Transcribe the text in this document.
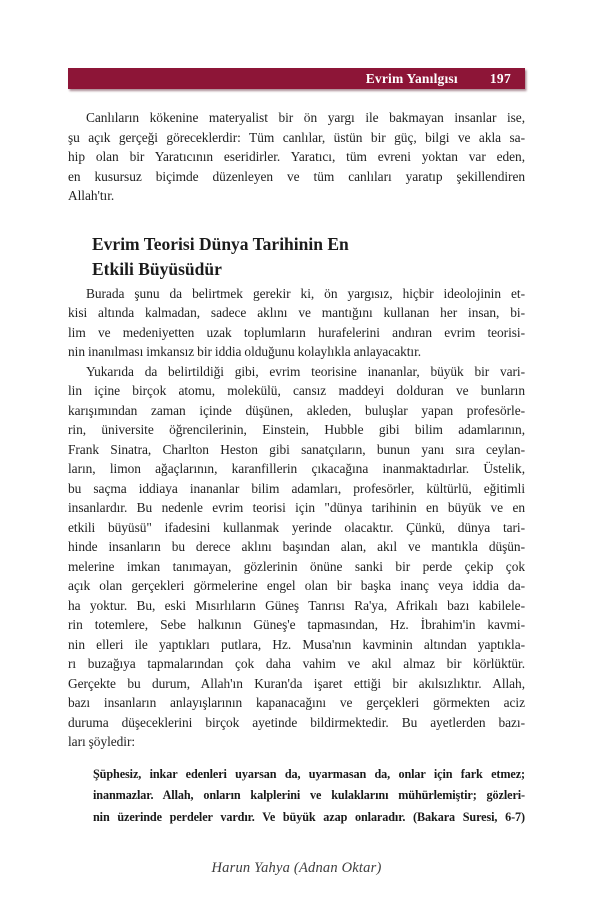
Evrim Yanılgısı 197
Canlıların kökenine materyalist bir ön yargı ile bakmayan insanlar ise,
şu açık gerçeği göreceklerdir: Tüm canlılar, üstün bir güç, bilgi ve akla sa-
hip olan bir Yaratıcının eseridirler. Yaratıcı, tüm evreni yoktan var eden,
en kusursuz biçimde düzenleyen ve tüm canlıları yaratıp şekillendiren
Allah'tır.
Evrim Teorisi Dünya Tarihinin En
Etkili Büyüsüdür
Burada şunu da belirtmek gerekir ki, ön yargısız, hiçbir ideolojinin et-
kisi altında kalmadan, sadece aklını ve mantığını kullanan her insan, bi-
lim ve medeniyetten uzak toplumların hurafelerini andıran evrim teorisi-
nin inanılması imkansız bir iddia olduğunu kolaylıkla anlayacaktır.
Yukarıda da belirtildiği gibi, evrim teorisine inananlar, büyük bir vari-
lin içine birçok atomu, molekülü, cansız maddeyi dolduran ve bunların
karışımından zaman içinde düşünen, akleden, buluşlar yapan profesörle-
rin, üniversite öğrencilerinin, Einstein, Hubble gibi bilim adamlarının,
Frank Sinatra, Charlton Heston gibi sanatçıların, bunun yanı sıra ceylan-
ların, limon ağaçlarının, karanfillerin çıkacağına inanmaktadırlar. Üstelik,
bu saçma iddiaya inananlar bilim adamları, profesörler, kültürlü, eğitimli
insanlardır. Bu nedenle evrim teorisi için "dünya tarihinin en büyük ve en
etkili büyüsü" ifadesini kullanmak yerinde olacaktır. Çünkü, dünya tari-
hinde insanların bu derece aklını başından alan, akıl ve mantıkla düşün-
melerine imkan tanımayan, gözlerinin önüne sanki bir perde çekip çok
açık olan gerçekleri görmelerine engel olan bir başka inanç veya iddia da-
ha yoktur. Bu, eski Mısırlıların Güneş Tanrısı Ra'ya, Afrikalı bazı kabilele-
rin totemlere, Sebe halkının Güneş'e tapmasından, Hz. İbrahim'in kavmi-
nin elleri ile yaptıkları putlara, Hz. Musa'nın kavminin altından yaptıkla-
rı buzağıya tapmalarından çok daha vahim ve akıl almaz bir körlüktür.
Gerçekte bu durum, Allah'ın Kuran'da işaret ettiği bir akılsızlıktır. Allah,
bazı insanların anlayışlarının kapanacağını ve gerçekleri görmekten aciz
duruma düşeceklerini birçok ayetinde bildirmektedir. Bu ayetlerden bazı-
ları şöyledir:
Şüphesiz, inkar edenleri uyarsan da, uyarmasan da, onlar için fark etmez;
inanmazlar. Allah, onların kalplerini ve kulaklarını mühürlemiştir; gözleri-
nin üzerinde perdeler vardır. Ve büyük azap onlaradır. (Bakara Suresi, 6-7)
Harun Yahya (Adnan Oktar)
